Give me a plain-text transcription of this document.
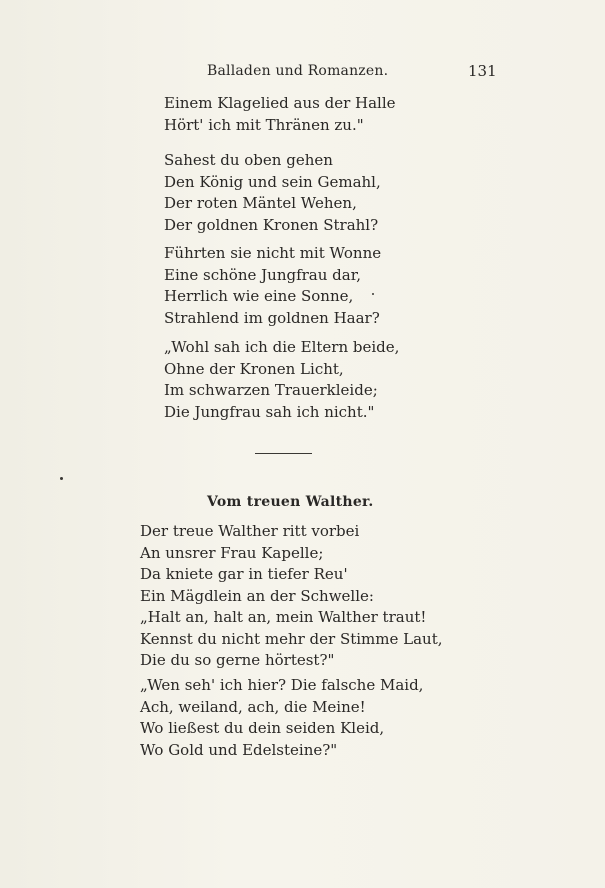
Balladen und Romanzen.	131
Einem Klagelied aus der Halle
Hört' ich mit Thränen zu."
Sahest du oben gehen
Den König und sein Gemahl,
Der roten Mäntel Wehen,
Der goldnen Kronen Strahl?
Führten sie nicht mit Wonne
Eine schöne Jungfrau dar,
Herrlich wie eine Sonne,
Strahlend im goldnen Haar?
„Wohl sah ich die Eltern beide,
Ohne der Kronen Licht,
Im schwarzen Trauerkleide;
Die Jungfrau sah ich nicht."
Vom treuen Walther.
Der treue Walther ritt vorbei
An unsrer Frau Kapelle;
Da kniete gar in tiefer Reu'
Ein Mägdlein an der Schwelle:
„Halt an, halt an, mein Walther traut!
Kennst du nicht mehr der Stimme Laut,
Die du so gerne hörtest?"
„Wen seh' ich hier? Die falsche Maid,
Ach, weiland, ach, die Meine!
Wo ließest du dein seiden Kleid,
Wo Gold und Edelsteine?"
